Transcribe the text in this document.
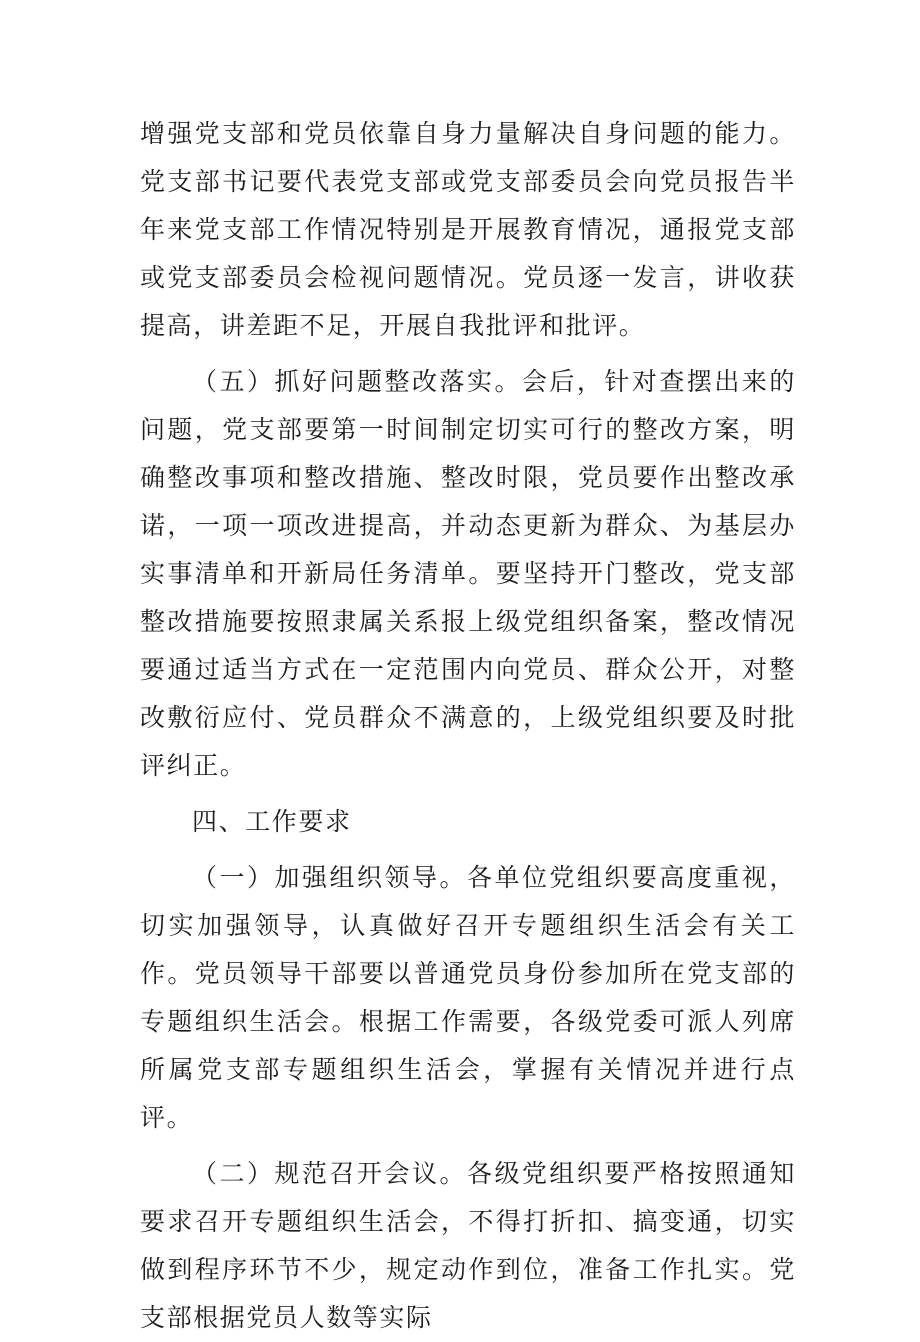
增强党支部和党员依靠自身力量解决自身问题的能力。党支部书记要代表党支部或党支部委员会向党员报告半年来党支部工作情况特别是开展教育情况，通报党支部或党支部委员会检视问题情况。党员逐一发言，讲收获提高，讲差距不足，开展自我批评和批评。

（五）抓好问题整改落实。会后，针对查摆出来的问题，党支部要第一时间制定切实可行的整改方案，明确整改事项和整改措施、整改时限，党员要作出整改承诺，一项一项改进提高，并动态更新为群众、为基层办实事清单和开新局任务清单。要坚持开门整改，党支部整改措施要按照隶属关系报上级党组织备案，整改情况要通过适当方式在一定范围内向党员、群众公开，对整改敷衍应付、党员群众不满意的，上级党组织要及时批评纠正。

四、工作要求

（一）加强组织领导。各单位党组织要高度重视，切实加强领导，认真做好召开专题组织生活会有关工作。党员领导干部要以普通党员身份参加所在党支部的专题组织生活会。根据工作需要，各级党委可派人列席所属党支部专题组织生活会，掌握有关情况并进行点评。

（二）规范召开会议。各级党组织要严格按照通知要求召开专题组织生活会，不得打折扣、搞变通，切实做到程序环节不少，规定动作到位，准备工作扎实。党支部根据党员人数等实际
